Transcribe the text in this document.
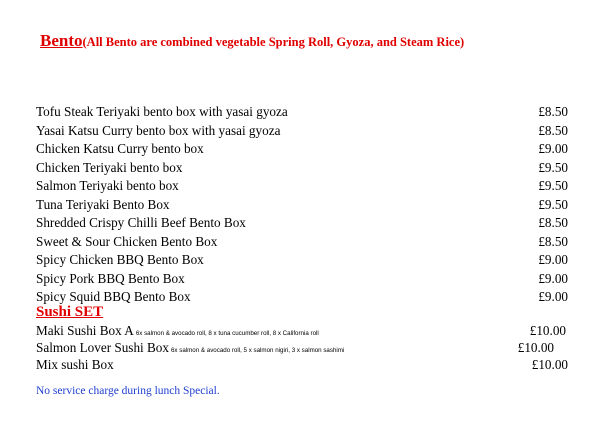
Bento(All Bento are combined vegetable Spring Roll, Gyoza, and Steam Rice)
Tofu Steak Teriyaki bento box with yasai gyoza	£8.50
Yasai Katsu Curry bento box with yasai gyoza	£8.50
Chicken Katsu Curry bento box	£9.00
Chicken Teriyaki bento box	£9.50
Salmon Teriyaki bento box	£9.50
Tuna Teriyaki Bento Box	£9.50
Shredded Crispy Chilli Beef Bento Box	£8.50
Sweet & Sour Chicken Bento Box	£8.50
Spicy Chicken BBQ Bento Box	£9.00
Spicy Pork BBQ Bento Box	£9.00
Spicy Squid BBQ Bento Box	£9.00
Sushi SET
Maki Sushi Box A 6x salmon & avocado roll, 8 x tuna cucumber roll, 8 x California roll	£10.00
Salmon Lover Sushi Box 6x salmon & avocado roll, 5 x salmon nigiri, 3 x salmon sashimi	£10.00
Mix sushi Box	£10.00
No service charge during lunch Special.
